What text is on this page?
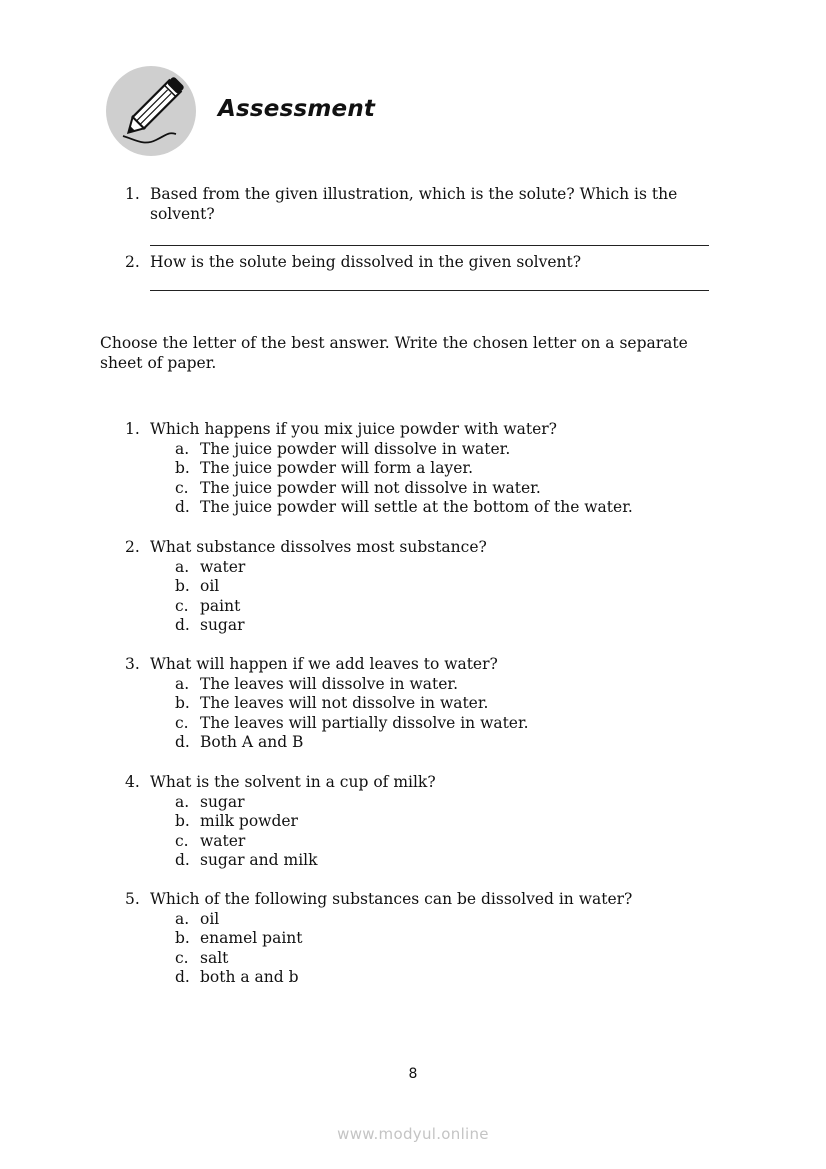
Assessment
1. Based from the given illustration, which is the solute? Which is the
solvent?
2. How is the solute being dissolved in the given solvent?
Choose the letter of the best answer. Write the chosen letter on a separate sheet of paper.
1. Which happens if you mix juice powder with water?
a. The juice powder will dissolve in water.
b. The juice powder will form a layer.
c. The juice powder will not dissolve in water.
d. The juice powder will settle at the bottom of the water.
2. What substance dissolves most substance?
a. water
b. oil
c. paint
d. sugar
3. What will happen if we add leaves to water?
a. The leaves will dissolve in water.
b. The leaves will not dissolve in water.
c. The leaves will partially dissolve in water.
d. Both A and B
4. What is the solvent in a cup of milk?
a. sugar
b. milk powder
c. water
d. sugar and milk
5. Which of the following substances can be dissolved in water?
a. oil
b. enamel paint
c. salt
d. both a and b
8
www.modyul.online
